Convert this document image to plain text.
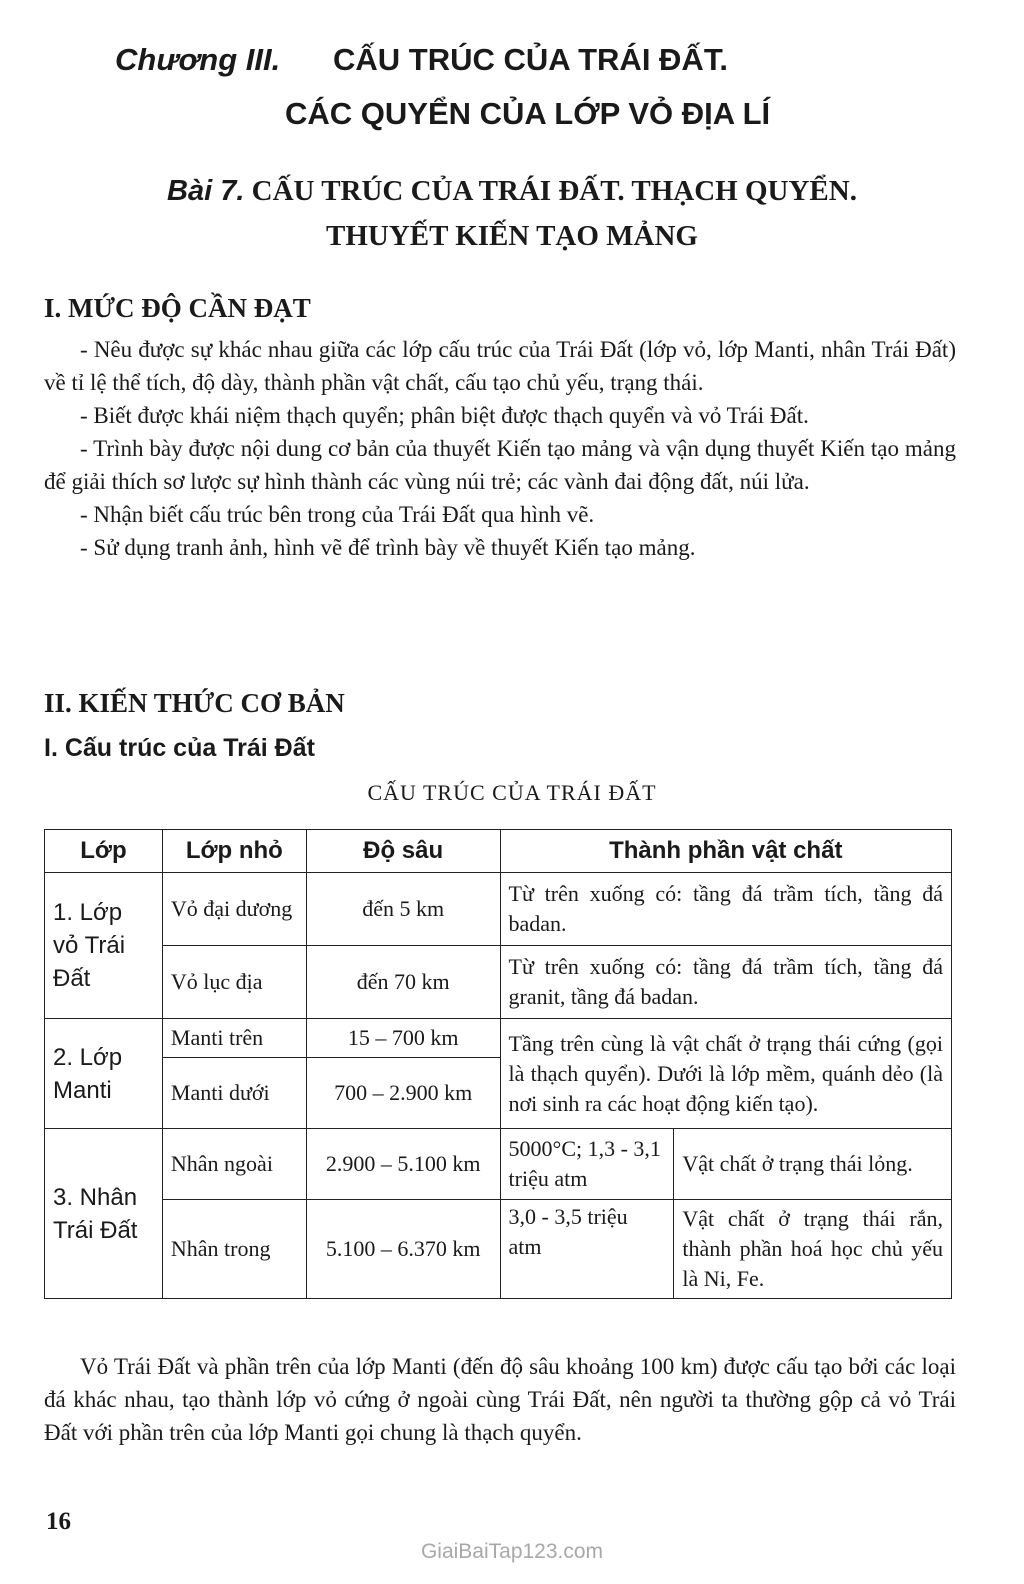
Chương III. CẤU TRÚC CỦA TRÁI ĐẤT.
CÁC QUYỂN CỦA LỚP VỎ ĐỊA LÍ
Bài 7. CẤU TRÚC CỦA TRÁI ĐẤT. THẠCH QUYỂN.
THUYẾT KIẾN TẠO MẢNG
I. MỨC ĐỘ CẦN ĐẠT

- Nêu được sự khác nhau giữa các lớp cấu trúc của Trái Đất (lớp vỏ, lớp Manti, nhân Trái Đất) về tỉ lệ thể tích, độ dày, thành phần vật chất, cấu tạo chủ yếu, trạng thái.

- Biết được khái niệm thạch quyển; phân biệt được thạch quyển và vỏ Trái Đất.

- Trình bày được nội dung cơ bản của thuyết Kiến tạo mảng và vận dụng thuyết Kiến tạo mảng để giải thích sơ lược sự hình thành các vùng núi trẻ; các vành đai động đất, núi lửa.

- Nhận biết cấu trúc bên trong của Trái Đất qua hình vẽ.

- Sử dụng tranh ảnh, hình vẽ để trình bày về thuyết Kiến tạo mảng.

II. KIẾN THỨC CƠ BẢN
I. Cấu trúc của Trái Đất
CẤU TRÚC CỦA TRÁI ĐẤT
Lớp	Lớp nhỏ	Độ sâu	Thành phần vật chất	
1. Lớp vỏ Trái Đất	Vỏ đại dương	đến 5 km	Từ trên xuống có: tầng đá trầm tích, tầng đá badan.	
	Vỏ lục địa	đến 70 km	Từ trên xuống có: tầng đá trầm tích, tầng đá granit, tầng đá badan.	
2. Lớp Manti	Manti trên	15 – 700 km	Tầng trên cùng là vật chất ở trạng thái cứng (gọi là thạch quyển). Dưới là lớp mềm, quánh dẻo (là nơi sinh ra các hoạt động kiến tạo).	
	Manti dưới	700 – 2.900 km		
3. Nhân Trái Đất	Nhân ngoài	2.900 – 5.100 km	5000°C; 1,3 - 3,1 triệu atm	Vật chất ở trạng thái lỏng.
	Nhân trong	5.100 – 6.370 km	3,0 - 3,5 triệu atm	Vật chất ở trạng thái rắn, thành phần hoá học chủ yếu là Ni, Fe.

Vỏ Trái Đất và phần trên của lớp Manti (đến độ sâu khoảng 100 km) được cấu tạo bởi các loại đá khác nhau, tạo thành lớp vỏ cứng ở ngoài cùng Trái Đất, nên người ta thường gộp cả vỏ Trái Đất với phần trên của lớp Manti gọi chung là thạch quyển.

16
GiaiBaiTap123.com
